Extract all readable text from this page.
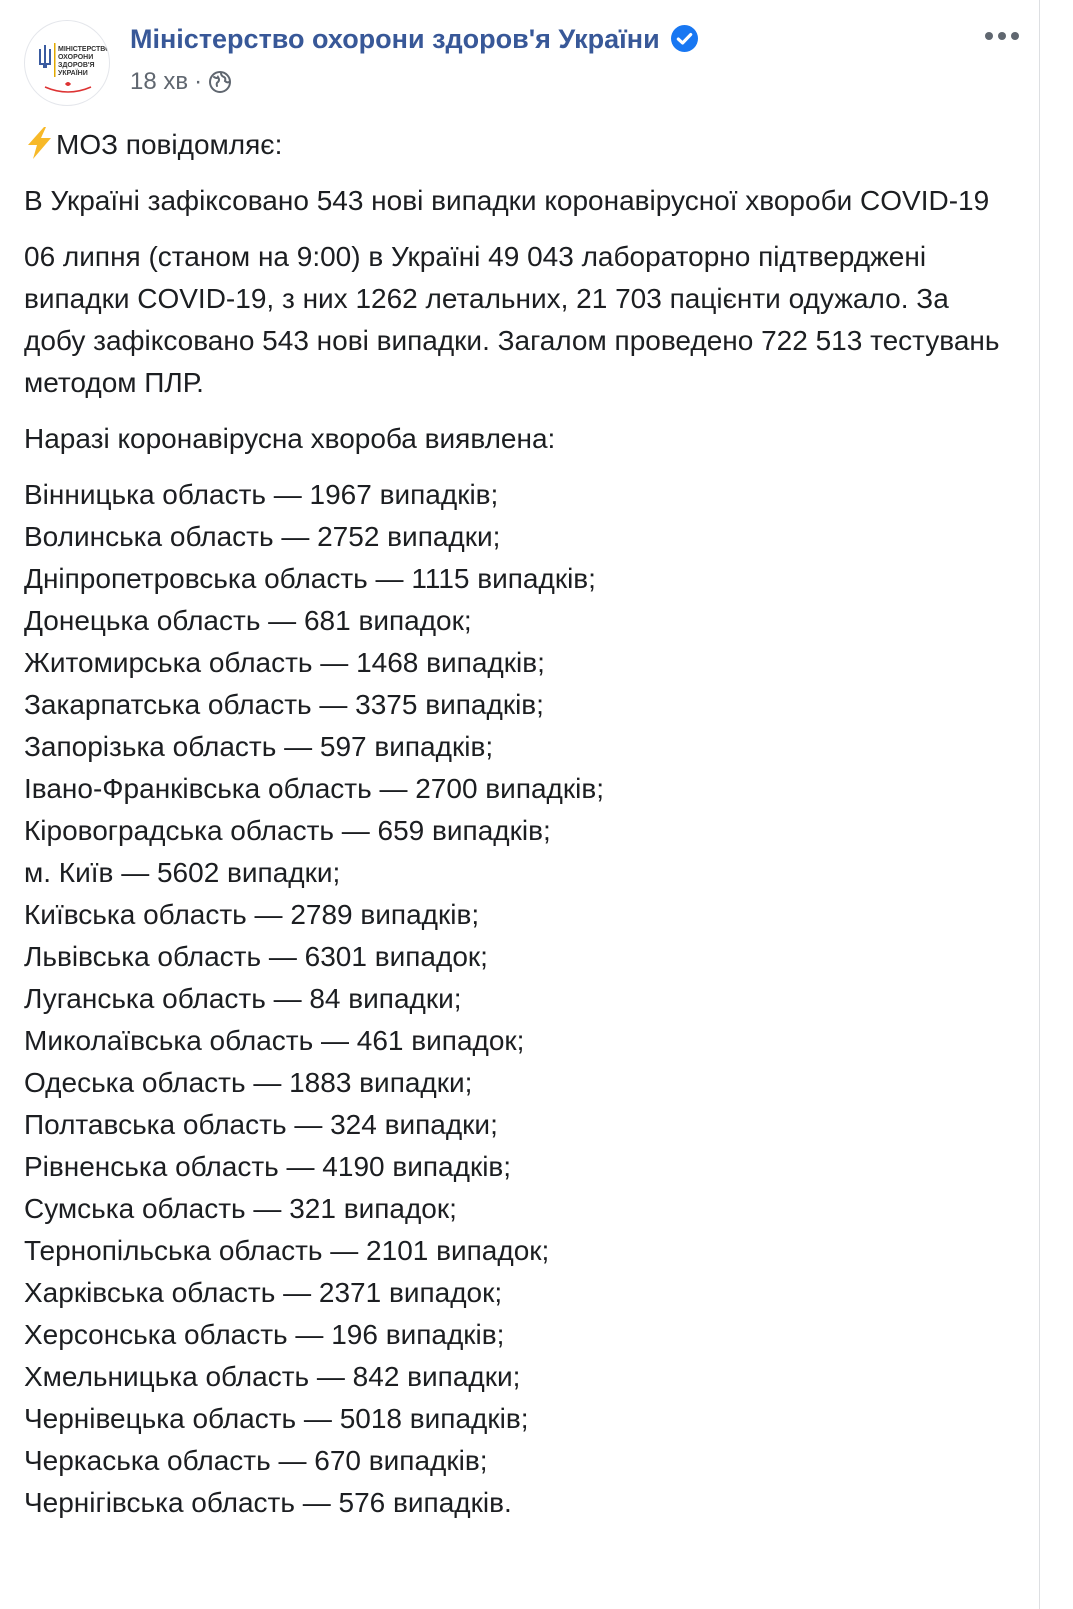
МІНІСТЕРСТВО
ОХОРОНИ
ЗДОРОВ'Я
УКРАЇНИ
Міністерство охорони здоров'я України
18 хв ·

МОЗ повідомляє:

В Україні зафіксовано 543 нові випадки коронавірусної хвороби COVID-19

06 липня (станом на 9:00) в Україні 49 043 лабораторно підтверджені випадки COVID-19, з них 1262 летальних, 21 703 пацієнти одужало. За добу зафіксовано 543 нові випадки. Загалом проведено 722 513 тестувань методом ПЛР.

Наразі коронавірусна хвороба виявлена:

Вінницька область — 1967 випадків;
Волинська область — 2752 випадки;
Дніпропетровська область — 1115 випадків;
Донецька область — 681 випадок;
Житомирська область — 1468 випадків;
Закарпатська область — 3375 випадків;
Запорізька область — 597 випадків;
Івано-Франківська область — 2700 випадків;
Кіровоградська область — 659 випадків;
м. Київ — 5602 випадки;
Київська область — 2789 випадків;
Львівська область — 6301 випадок;
Луганська область — 84 випадки;
Миколаївська область — 461 випадок;
Одеська область — 1883 випадки;
Полтавська область — 324 випадки;
Рівненська область — 4190 випадків;
Сумська область — 321 випадок;
Тернопільська область — 2101 випадок;
Харківська область — 2371 випадок;
Херсонська область — 196 випадків;
Хмельницька область — 842 випадки;
Чернівецька область — 5018 випадків;
Черкаська область — 670 випадків;
Чернігівська область — 576 випадків.
